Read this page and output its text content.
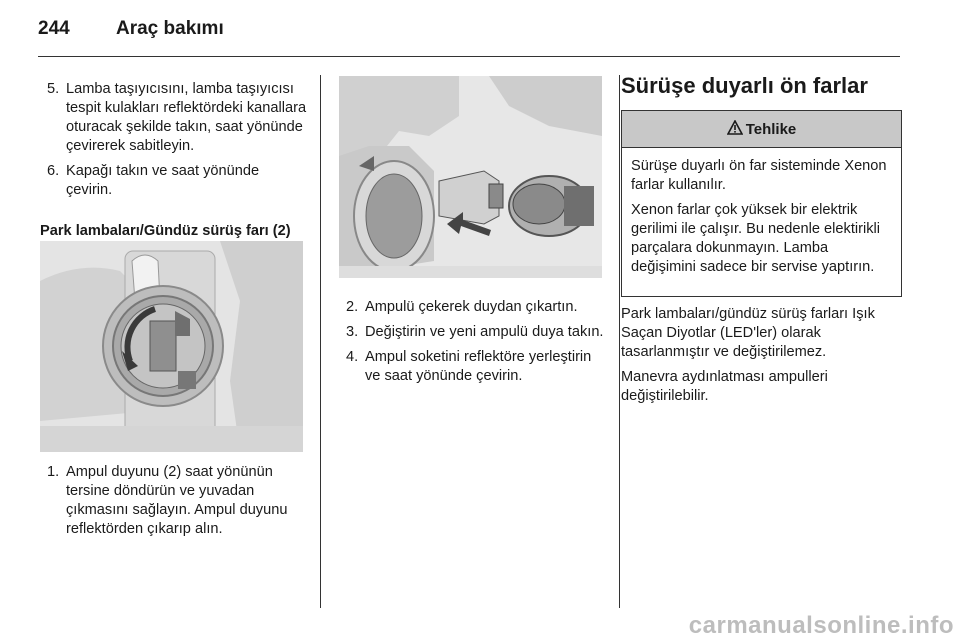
244 Araç bakımı
5. Lamba taşıyıcısını, lamba taşıyıcısı tespit kulakları reflektördeki kanallara oturacak şekilde takın, saat yönünde çevirerek sabitleyin.
6. Kapağı takın ve saat yönünde çevirin.

Park lambaları/Gündüz sürüş farı (2)

1. Ampul duyunu (2) saat yönünün tersine döndürün ve yuvadan çıkmasını sağlayın. Ampul duyunu reflektörden çıkarıp alın.
2. Ampulü çekerek duydan çıkartın.
3. Değiştirin ve yeni ampulü duya takın.
4. Ampul soketini reflektöre yerleştirin ve saat yönünde çevirin.
Sürüşe duyarlı ön farlar
Tehlike

Sürüşe duyarlı ön far sisteminde Xenon farlar kullanılır.

Xenon farlar çok yüksek bir elektrik gerilimi ile çalışır. Bu nedenle elektirikli parçalara dokunmayın. Lamba değişimini sadece bir servise yaptırın.

Park lambaları/gündüz sürüş farları Işık Saçan Diyotlar (LED'ler) olarak tasarlanmıştır ve değiştirilemez.

Manevra aydınlatması ampulleri değiştirilebilir.

carmanualsonline.info
